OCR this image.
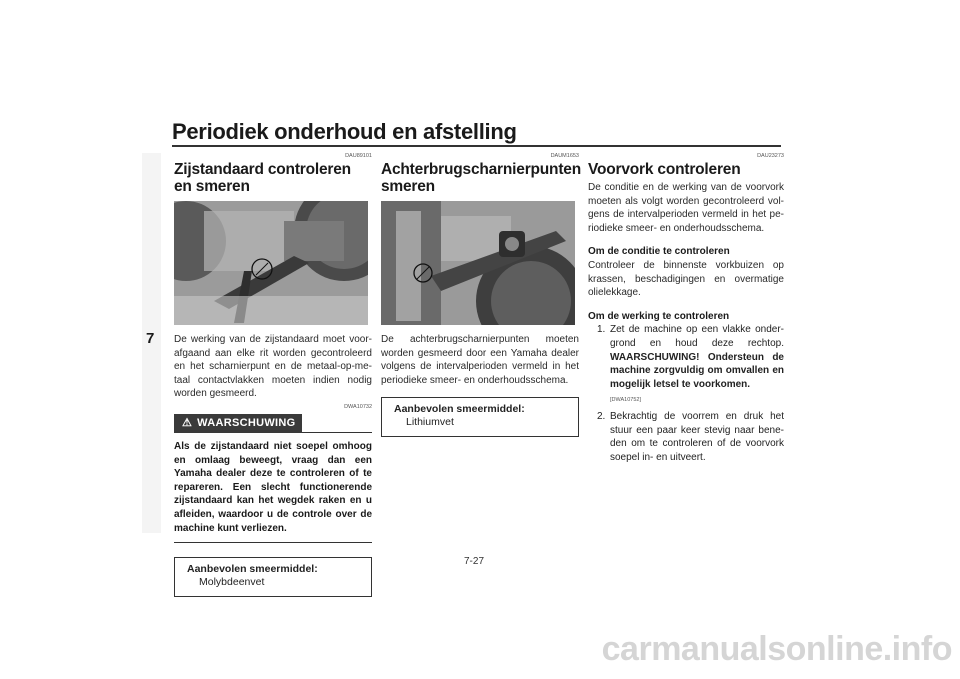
Periodiek onderhoud en afstelling
7
DAU89101
Zijstandaard controleren en smeren

De werking van de zijstandaard moet voor-afgaand aan elke rit worden gecontroleerd en het scharnierpunt en de metaal-op-me-taal contactvlakken moeten indien nodig worden gesmeerd.

DWA10732
⚠ WAARSCHUWING
Als de zijstandaard niet soepel omhoog en omlaag beweegt, vraag dan een Yamaha dealer deze te controleren of te repareren. Een slecht functionerende zijstandaard kan het wegdek raken en u afleiden, waardoor u de controle over de machine kunt verliezen.
Aanbevolen smeermiddel:
Molybdeenvet
DAUM1653
Achterbrugscharnierpunten smeren

De achterbrugscharnierpunten moeten worden gesmeerd door een Yamaha dealer volgens de intervalperioden vermeld in het periodieke smeer- en onderhoudsschema.

Aanbevolen smeermiddel:
Lithiumvet
DAU23273
Voorvork controleren

De conditie en de werking van de voorvork moeten als volgt worden gecontroleerd vol-gens de intervalperioden vermeld in het pe-riodieke smeer- en onderhoudsschema.

Om de conditie te controleren

Controleer de binnenste vorkbuizen op krassen, beschadigingen en overmatige olielekkage.

Om de werking te controleren
1. Zet de machine op een vlakke onder-grond en houd deze rechtop. WAARSCHUWING! Ondersteun de machine zorgvuldig om omvallen en mogelijk letsel te voorkomen.
[DWA10752]
2. Bekrachtig de voorrem en druk het stuur een paar keer stevig naar bene-den om te controleren of de voorvork soepel in- en uitveert.
7-27
carmanualsonline.info
